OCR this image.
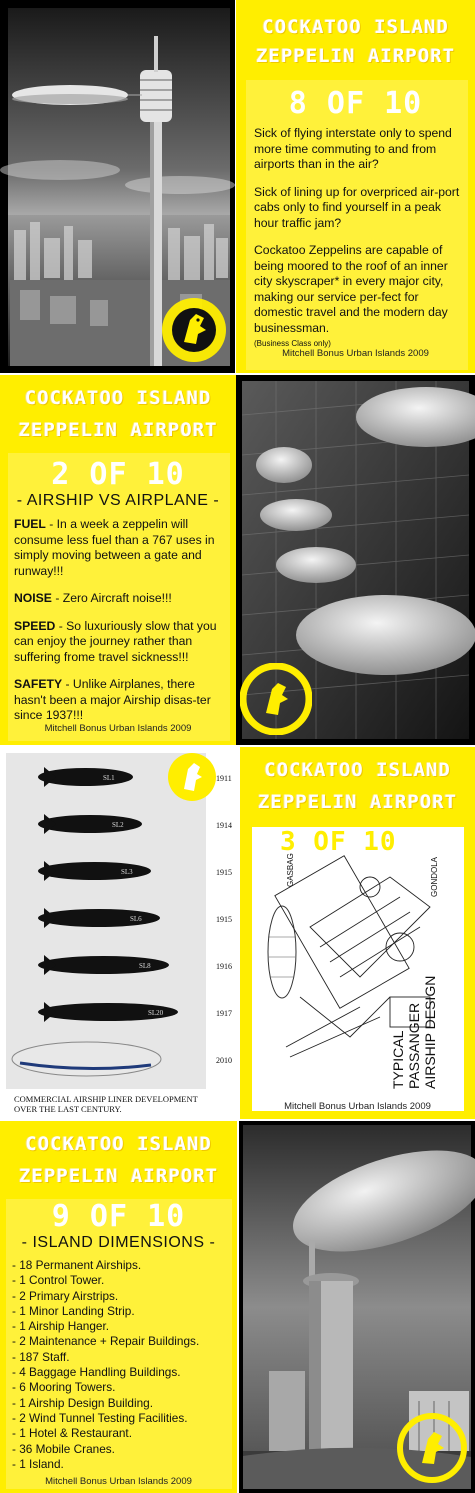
COCKATOO ISLAND
ZEPPELIN AIRPORT
8 OF 10

Sick of flying interstate only to spend more time commuting to and from airports than in the air?

Sick of lining up for overpriced air-port cabs only to find yourself in a peak hour traffic jam?

Cockatoo Zeppelins are capable of being moored to the roof of an inner city skyscraper* in every major city, making our service per-fect for domestic travel and the modern day businessman.

(Business Class only)
Mitchell Bonus Urban Islands 2009
COCKATOO ISLAND
ZEPPELIN AIRPORT
2 OF 10
- AIRSHIP VS AIRPLANE -

FUEL - In a week a zeppelin will consume less fuel than a 767 uses in simply moving between a gate and runway!!!

NOISE - Zero Aircraft noise!!!

SPEED - So luxuriously slow that you can enjoy the journey rather than suffering frome travel sickness!!!

SAFETY - Unlike Airplanes, there hasn't been a major Airship disas-ter since 1937!!!

Mitchell Bonus Urban Islands 2009
SL1	1911
SL2	1914
SL3	1915
SL6	1915
SL8	1916
SL20	1917
2010
COMMERCIAL AIRSHIP LINER DEVELOPMENT
OVER THE LAST CENTURY.
COCKATOO ISLAND
ZEPPELIN AIRPORT
3 OF 10
GASBAG	GONDOLA
TYPICAL PASSANGER AIRSHIP DESIGN
Mitchell Bonus Urban Islands 2009
COCKATOO ISLAND
ZEPPELIN AIRPORT
9 OF 10
- ISLAND DIMENSIONS -
- 18 Permanent Airships.
- 1 Control Tower.
- 2 Primary Airstrips.
- 1 Minor Landing Strip.
- 1 Airship Hanger.
- 2 Maintenance + Repair Buildings.
- 187 Staff.
- 4 Baggage Handling Buildings.
- 6 Mooring Towers.
- 1 Airship Design Building.
- 2 Wind Tunnel Testing Facilities.
- 1 Hotel & Restaurant.
- 36 Mobile Cranes.
- 1 Island.
Mitchell Bonus Urban Islands 2009
